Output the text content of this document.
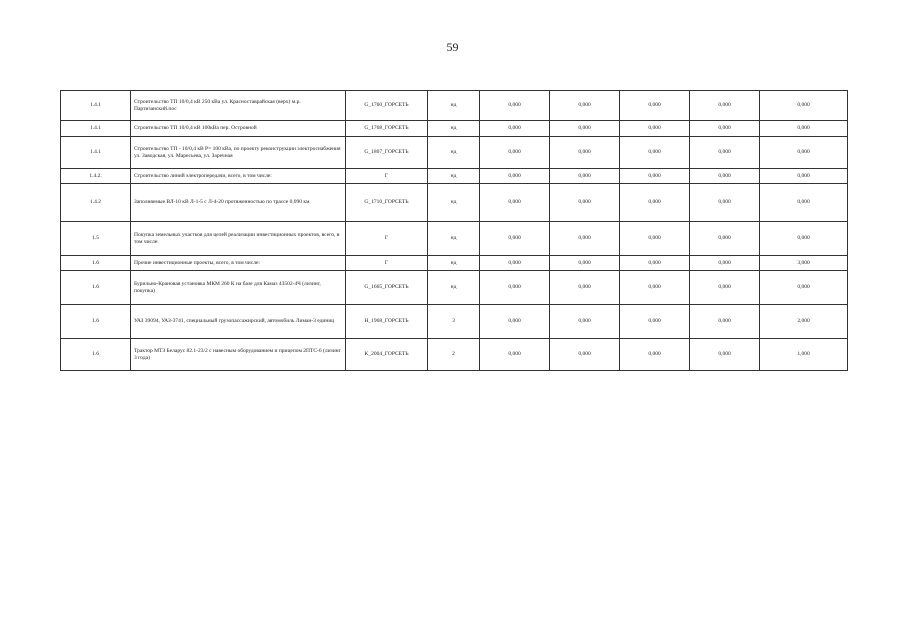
59
1.4.1	Строительство ТП 10/0,4 кВ 250 кВа ул. Красноставрайская (верх) м.р. Партизанский.пос	G_1760_ГОРСЕТЬ	нд	0,000	0,000	0,000	0,000	0,000
1.4.1	Строительство ТП 10/0,4 кВ 100кВа пер. Островной	G_1768_ГОРСЕТЬ	нд	0,000	0,000	0,000	0,000	0,000
1.4.1	Строительство ТП - 10/0,4 кВ Р= 100 кВа, по проекту реконструкции электроснабжения ул. Заводская, ул. Маресьева, ул. Заречная	G_1807_ГОРСЕТЬ	нд	0,000	0,000	0,000	0,000	0,000
1.4.2.	Строительство линий электропередачи, всего, в том числе:	Г	нд	0,000	0,000	0,000	0,000	0,000
1.4.2	Заполняемые ВЛ-10 кВ Л-1-5 с Л-4-20 протяженностью по трассе 0,090 км	G_1710_ГОРСЕТЬ	нд	0,000	0,000	0,000	0,000	0,000
1.5	Покупка земельных участков для целей реализации инвестиционных проектов, всего, в том числе:	Г	нд	0,000	0,000	0,000	0,000	0,000
1.6	Прочие инвестиционные проекты, всего, в том числе:	Г	нд	0,000	0,000	0,000	0,000	3,000
1.6	Бурильно-Крановая установка МКМ 260 К на базе для Камаз 43502-4Ч (лизинг, покупка)	G_1665_ГОРСЕТЬ	нд	0,000	0,000	0,000	0,000	0,000
1.6	УАЗ 39094, УАЗ-3741, специальный грузопассажирский, автомобиль Лиман-3 единиц	H_1968_ГОРСЕТЬ	3	0,000	0,000	0,000	0,000	2,000
1.6	Трактор МТЗ Беларус 82.1-23/2 с навесным оборудованием и прицепом 2ПТС-6 (лизинг 3 года)	K_2004_ГОРСЕТЬ	2	0,000	0,000	0,000	0,000	1,000
